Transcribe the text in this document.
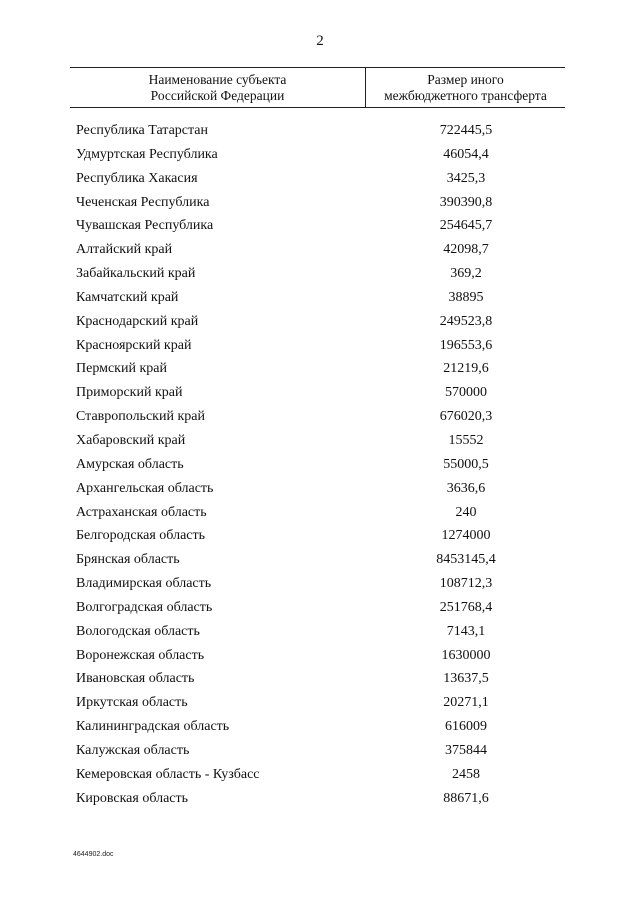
2
Наименование субъекта
Российской Федерации
Размер иного
межбюджетного трансферта
Республика Татарстан	722445,5
Удмуртская Республика	46054,4
Республика Хакасия	3425,3
Чеченская Республика	390390,8
Чувашская Республика	254645,7
Алтайский край	42098,7
Забайкальский край	369,2
Камчатский край	38895
Краснодарский край	249523,8
Красноярский край	196553,6
Пермский край	21219,6
Приморский край	570000
Ставропольский край	676020,3
Хабаровский край	15552
Амурская область	55000,5
Архангельская область	3636,6
Астраханская область	240
Белгородская область	1274000
Брянская область	8453145,4
Владимирская область	108712,3
Волгоградская область	251768,4
Вологодская область	7143,1
Воронежская область	1630000
Ивановская область	13637,5
Иркутская область	20271,1
Калининградская область	616009
Калужская область	375844
Кемеровская область - Кузбасс	2458
Кировская область	88671,6
4644902.doc
